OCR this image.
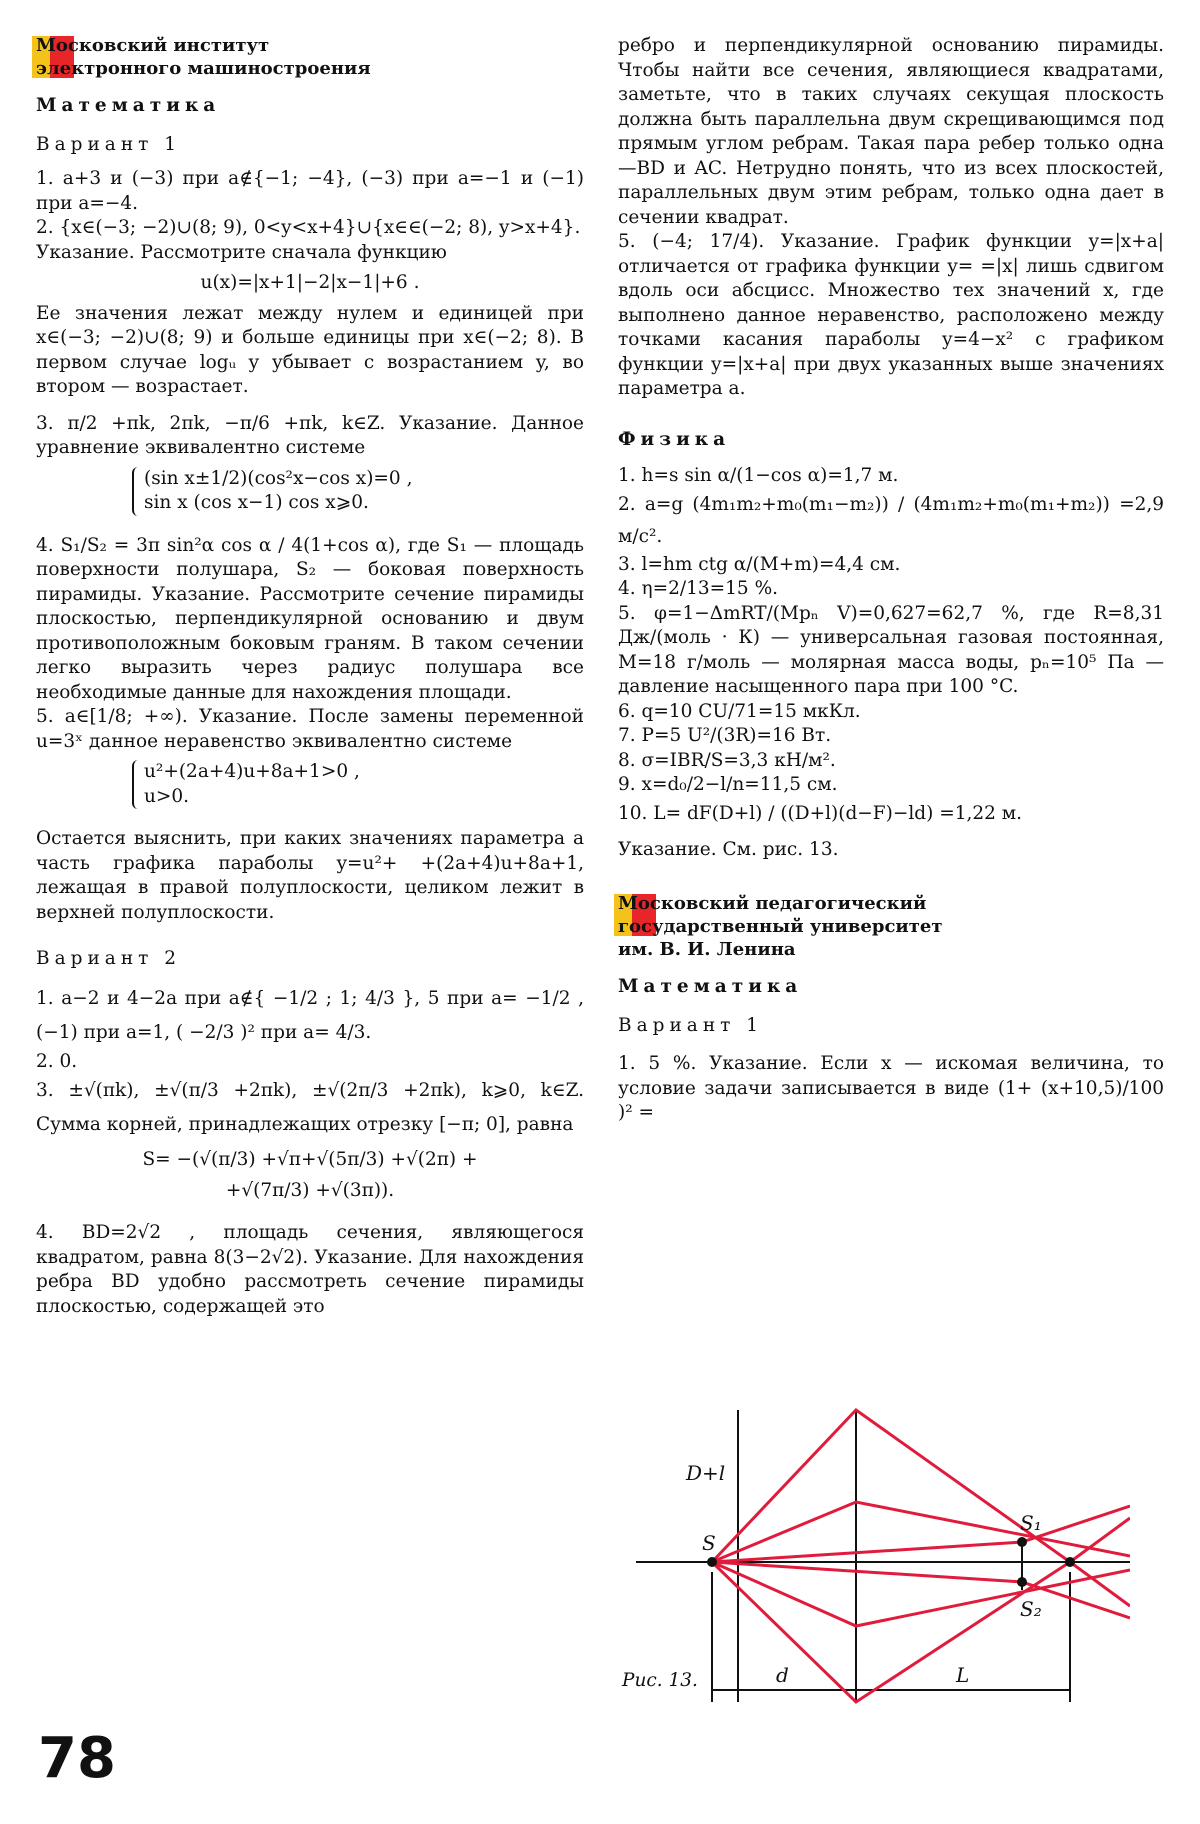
Московский институт
электронного машиностроения

Математика

Вариант 1

1. a+3 и (−3) при a∉{−1; −4}, (−3) при a=−1 и (−1) при a=−4.

2. {x∈(−3; −2)∪(8; 9), 0<y<x+4}∪{x∈∈(−2; 8), y>x+4}.

Указание. Рассмотрите сначала функцию

u(x)=|x+1|−2|x−1|+6 .

Ее значения лежат между нулем и единицей при x∈(−3; −2)∪(8; 9) и больше единицы при x∈(−2; 8). В первом случае logᵤ y убывает с возрастанием y, во втором — возрастает.

3. π/2 +πk, 2πk, −π/6 +πk, k∈Z. Указание. Данное уравнение эквивалентно системе

(sin x±1/2)(cos²x−cos x)=0 ,
sin x (cos x−1) cos x⩾0.

4. S₁/S₂ = 3π sin²α cos α / 4(1+cos α), где S₁ — площадь поверхности полушара, S₂ — боковая поверхность пирамиды. Указание. Рассмотрите сечение пирамиды плоскостью, перпендикулярной основанию и двум противоположным боковым граням. В таком сечении легко выразить через радиус полушара все необходимые данные для нахождения площади.

5. a∈[1/8; +∞). Указание. После замены переменной u=3ˣ данное неравенство эквивалентно системе

u²+(2a+4)u+8a+1>0 ,
u>0.

Остается выяснить, при каких значениях параметра a часть графика параболы y=u²+ +(2a+4)u+8a+1, лежащая в правой полуплоскости, целиком лежит в верхней полуплоскости.

Вариант 2

1. a−2 и 4−2a при a∉{ −1/2 ; 1; 4/3 }, 5 при a= −1/2 , (−1) при a=1, ( −2/3 )² при a= 4/3.

2. 0.

3. ±√(πk), ±√(π/3 +2πk), ±√(2π/3 +2πk), k⩾0, k∈Z. Сумма корней, принадлежащих отрезку [−π; 0], равна

S= −(√(π/3) +√π+√(5π/3) +√(2π) +

+√(7π/3) +√(3π)).

4. BD=2√2 , площадь сечения, являющегося квадратом, равна 8(3−2√2). Указание. Для нахождения ребра BD удобно рассмотреть сечение пирамиды плоскостью, содержащей это

ребро и перпендикулярной основанию пирамиды. Чтобы найти все сечения, являющиеся квадратами, заметьте, что в таких случаях секущая плоскость должна быть параллельна двум скрещивающимся под прямым углом ребрам. Такая пара ребер только одна —BD и AC. Нетрудно понять, что из всех плоскостей, параллельных двум этим ребрам, только одна дает в сечении квадрат.

5. (−4; 17/4). Указание. График функции y=|x+a| отличается от графика функции y= =|x| лишь сдвигом вдоль оси абсцисс. Множество тех значений x, где выполнено данное неравенство, расположено между точками касания параболы y=4−x² с графиком функции y=|x+a| при двух указанных выше значениях параметра a.

Физика

1. h=s sin α/(1−cos α)=1,7 м.

2. a=g (4m₁m₂+m₀(m₁−m₂)) / (4m₁m₂+m₀(m₁+m₂)) =2,9 м/с².

3. l=hm ctg α/(M+m)=4,4 см.

4. η=2/13=15 %.

5. φ=1−ΔmRT/(Mpₙ V)=0,627=62,7 %, где R=8,31 Дж/(моль · К) — универсальная газовая постоянная, M=18 г/моль — молярная масса воды, pₙ=10⁵ Па — давление насыщенного пара при 100 °C.

6. q=10 CU/71=15 мкКл.

7. P=5 U²/(3R)=16 Вт.

8. σ=IBR/S=3,3 кН/м².

9. x=d₀/2−l/n=11,5 см.

10. L= dF(D+l) / ((D+l)(d−F)−ld) =1,22 м.

Указание. См. рис. 13.

Московский педагогический
государственный университет
им. В. И. Ленина

Математика

Вариант 1

1. 5 %. Указание. Если x — искомая величина, то условие задачи записывается в виде (1+ (x+10,5)/100 )² =

D+l
S
S₁
S₂
d	L
Рис. 13.
78
